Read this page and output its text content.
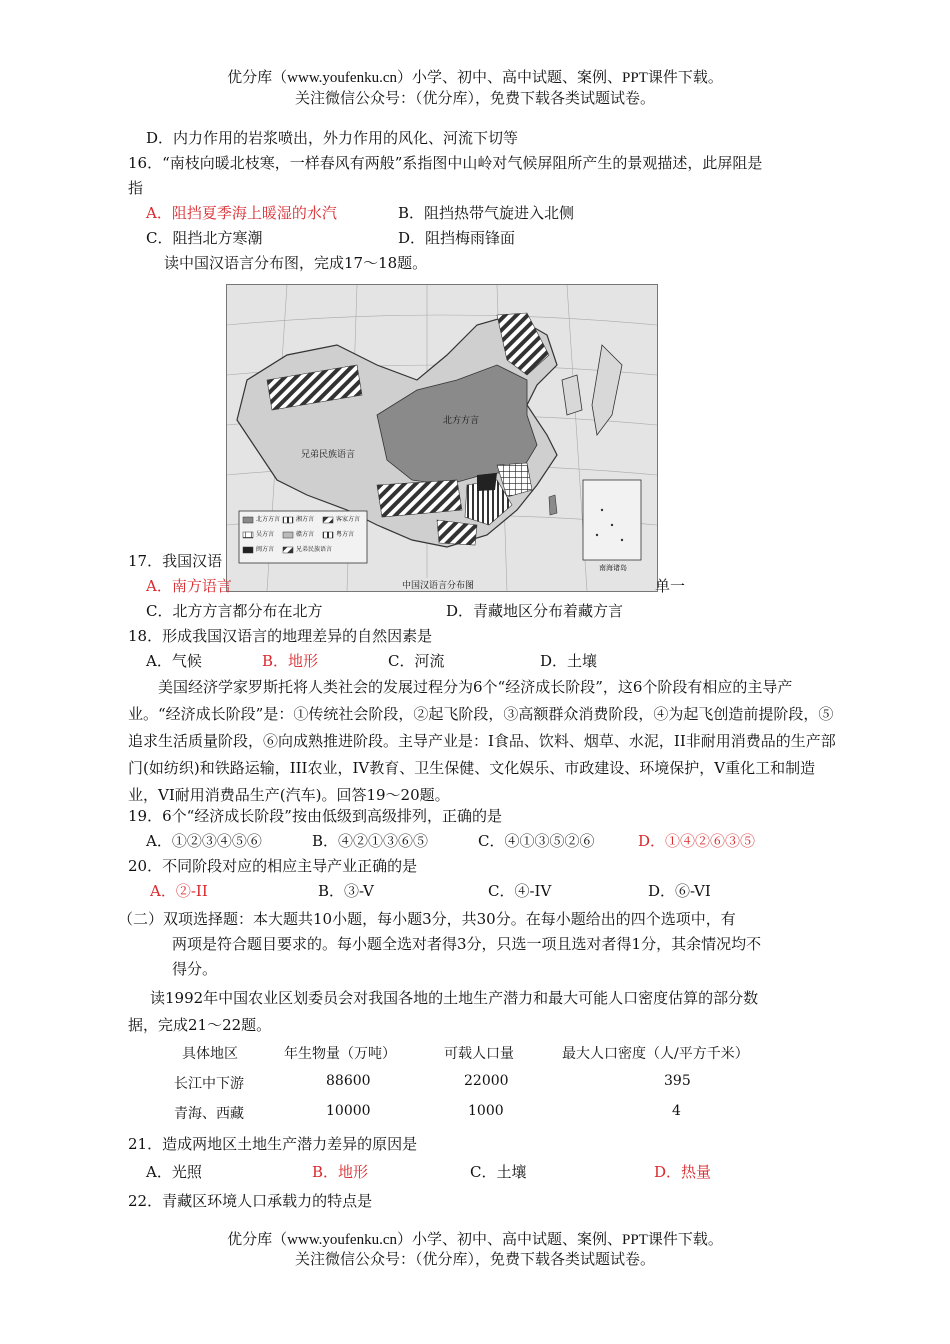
优分库（www.youfenku.cn）小学、初中、高中试题、案例、PPT课件下载。
关注微信公众号：（优分库），免费下载各类试题试卷。
D．内力作用的岩浆喷出，外力作用的风化、河流下切等
16．“南枝向暖北枝寒，一样春风有两般”系指图中山岭对气候屏阻所产生的景观描述，此屏阻是
指
A．阻挡夏季海上暖湿的水汽	B．阻挡热带气旋进入北侧
C．阻挡北方寒潮	D．阻挡梅雨锋面
读中国汉语言分布图，完成17～18题。
兄弟民族语言
北方方言
南海诸岛
北方方言	湘方言	客家方言
吴方言	赣方言	粤方言
闽方言	兄弟民族语言
中国汉语言分布图
17．我国汉语
A．南方语言	单一
C．北方方言都分布在北方	D．青藏地区分布着藏方言
18．形成我国汉语言的地理差异的自然因素是
A．气候	B．地形	C．河流	D．土壤
美国经济学家罗斯托将人类社会的发展过程分为6个“经济成长阶段”，这6个阶段有相应的主导产业。“经济成长阶段”是：①传统社会阶段，②起飞阶段，③高额群众消费阶段，④为起飞创造前提阶段，⑤追求生活质量阶段，⑥向成熟推进阶段。主导产业是：I食品、饮料、烟草、水泥，II非耐用消费品的生产部门(如纺织)和铁路运输，III农业，IV教育、卫生保健、文化娱乐、市政建设、环境保护，V重化工和制造业，VI耐用消费品生产(汽车)。回答19～20题。
19．6个“经济成长阶段”按由低级到高级排列，正确的是
A．①②③④⑤⑥	B．④②①③⑥⑤	C．④①③⑤②⑥	D．①④②⑥③⑤
20．不同阶段对应的相应主导产业正确的是
A．②-II	B．③-V	C．④-IV	D．⑥-VI
（二）双项选择题：本大题共10小题，每小题3分，共30分。在每小题给出的四个选项中，有
两项是符合题目要求的。每小题全选对者得3分，只选一项且选对者得1分，其余情况均不
得分。
读1992年中国农业区划委员会对我国各地的土地生产潜力和最大可能人口密度估算的部分数
据，完成21～22题。
具体地区	年生物量（万吨）	可载人口量	最大人口密度（人/平方千米）
长江中下游	88600	22000	395
青海、西藏	10000	1000	4
21．造成两地区土地生产潜力差异的原因是
A．光照	B．地形	C．土壤	D．热量
22．青藏区环境人口承载力的特点是
优分库（www.youfenku.cn）小学、初中、高中试题、案例、PPT课件下载。
关注微信公众号：（优分库），免费下载各类试题试卷。
